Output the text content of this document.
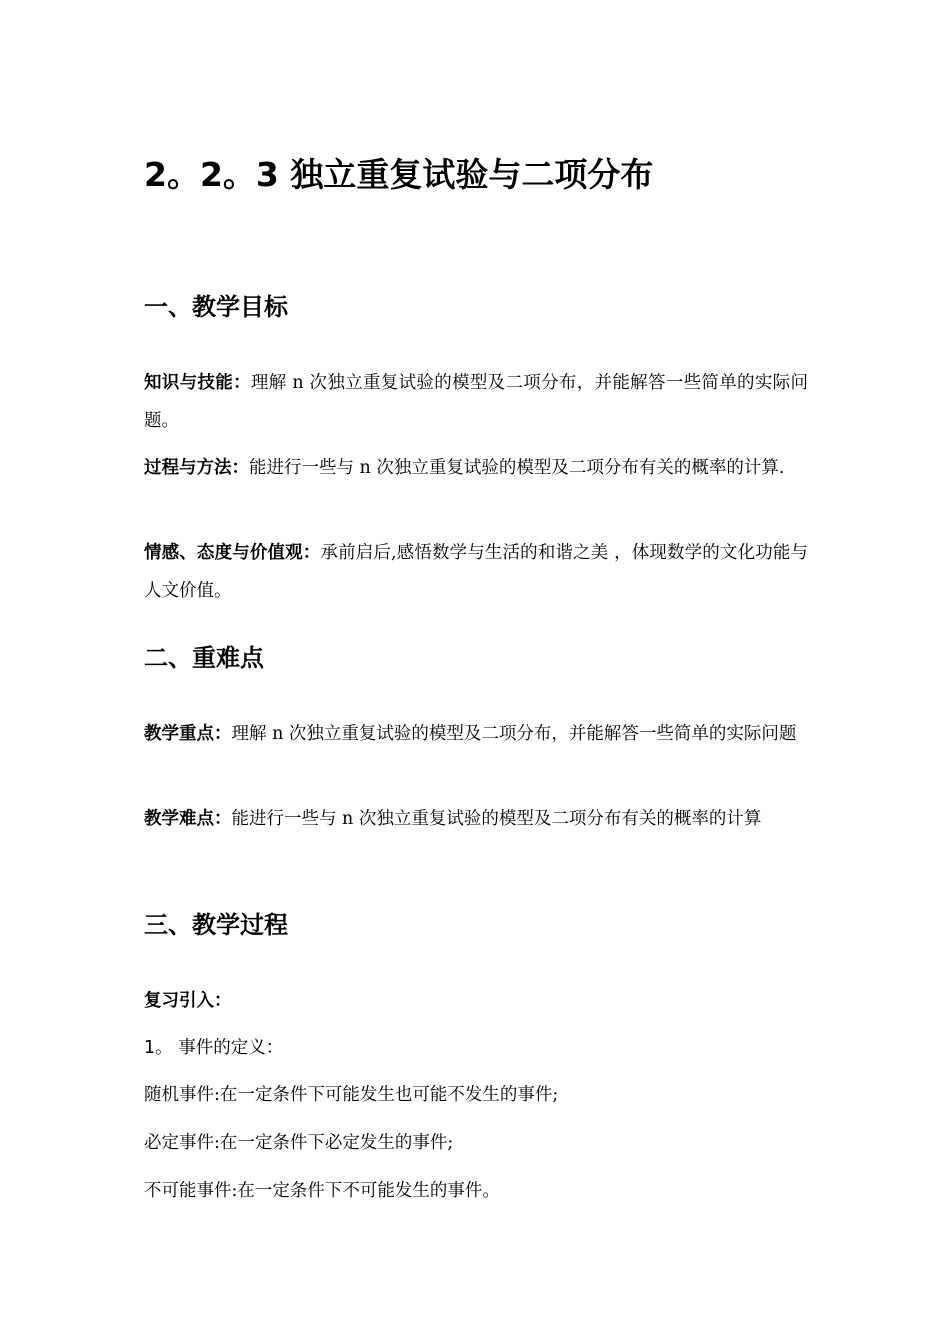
2。2。3 独立重复试验与二项分布
一、教学目标

知识与技能：理解 n 次独立重复试验的模型及二项分布，并能解答一些简单的实际问题。

过程与方法：能进行一些与 n 次独立重复试验的模型及二项分布有关的概率的计算.

情感、态度与价值观：承前启后,感悟数学与生活的和谐之美 ，体现数学的文化功能与人文价值。

二、重难点

教学重点：理解 n 次独立重复试验的模型及二项分布，并能解答一些简单的实际问题

教学难点：能进行一些与 n 次独立重复试验的模型及二项分布有关的概率的计算

三、教学过程

复习引入：

1。 事件的定义：

随机事件:在一定条件下可能发生也可能不发生的事件;

必定事件:在一定条件下必定发生的事件;

不可能事件:在一定条件下不可能发生的事件。
